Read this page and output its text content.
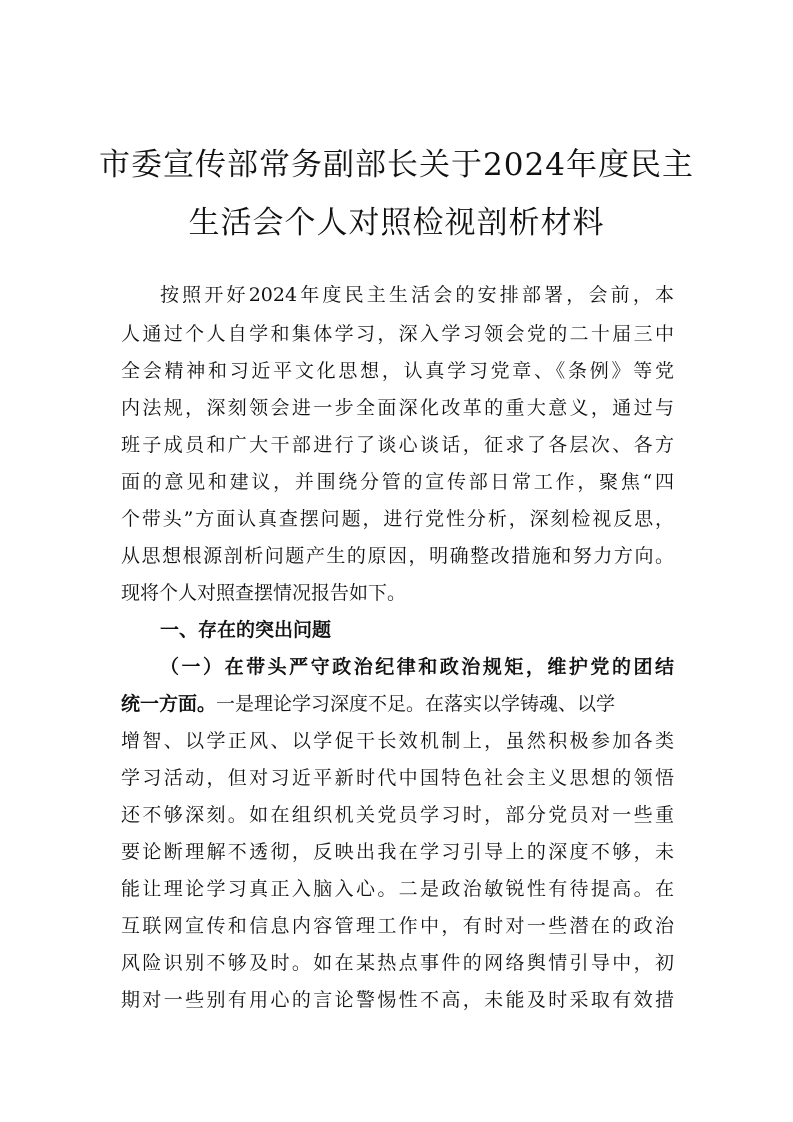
市委宣传部常务副部长关于2024年度民主
生活会个人对照检视剖析材料
按照开好2024年度民主生活会的安排部署，会前，本
人通过个人自学和集体学习，深入学习领会党的二十届三中
全会精神和习近平文化思想，认真学习党章、《条例》等党
内法规，深刻领会进一步全面深化改革的重大意义，通过与
班子成员和广大干部进行了谈心谈话，征求了各层次、各方
面的意见和建议，并围绕分管的宣传部日常工作，聚焦“四
个带头”方面认真查摆问题，进行党性分析，深刻检视反思，
从思想根源剖析问题产生的原因，明确整改措施和努力方向。
现将个人对照查摆情况报告如下。
一、存在的突出问题
（一）在带头严守政治纪律和政治规矩，维护党的团结
统一方面。一是理论学习深度不足。在落实以学铸魂、以学
增智、以学正风、以学促干长效机制上，虽然积极参加各类
学习活动，但对习近平新时代中国特色社会主义思想的领悟
还不够深刻。如在组织机关党员学习时，部分党员对一些重
要论断理解不透彻，反映出我在学习引导上的深度不够，未
能让理论学习真正入脑入心。二是政治敏锐性有待提高。在
互联网宣传和信息内容管理工作中，有时对一些潜在的政治
风险识别不够及时。如在某热点事件的网络舆情引导中，初
期对一些别有用心的言论警惕性不高，未能及时采取有效措
